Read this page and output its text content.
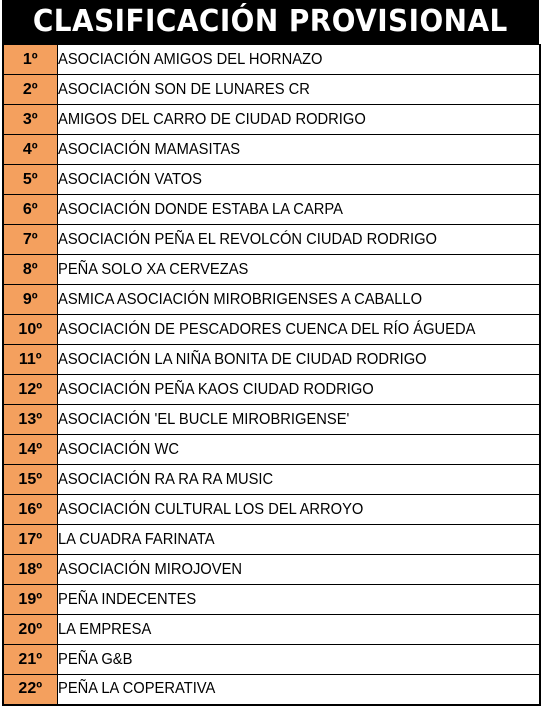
CLASIFICACIÓN PROVISIONAL
1º	ASOCIACIÓN AMIGOS DEL HORNAZO
2º	ASOCIACIÓN SON DE LUNARES CR
3º	AMIGOS DEL CARRO DE CIUDAD RODRIGO
4º	ASOCIACIÓN MAMASITAS
5º	ASOCIACIÓN VATOS
6º	ASOCIACIÓN DONDE ESTABA LA CARPA
7º	ASOCIACIÓN PEÑA EL REVOLCÓN CIUDAD RODRIGO
8º	PEÑA SOLO XA CERVEZAS
9º	ASMICA ASOCIACIÓN MIROBRIGENSES A CABALLO
10º	ASOCIACIÓN DE PESCADORES CUENCA DEL RÍO ÁGUEDA
11º	ASOCIACIÓN LA NIÑA BONITA DE CIUDAD RODRIGO
12º	ASOCIACIÓN PEÑA KAOS CIUDAD RODRIGO
13º	ASOCIACIÓN 'EL BUCLE MIROBRIGENSE'
14º	ASOCIACIÓN WC
15º	ASOCIACIÓN RA RA RA MUSIC
16º	ASOCIACIÓN CULTURAL LOS DEL ARROYO
17º	LA CUADRA FARINATA
18º	ASOCIACIÓN MIROJOVEN
19º	PEÑA INDECENTES
20º	LA EMPRESA
21º	PEÑA G&B
22º	PEÑA LA COPERATIVA
